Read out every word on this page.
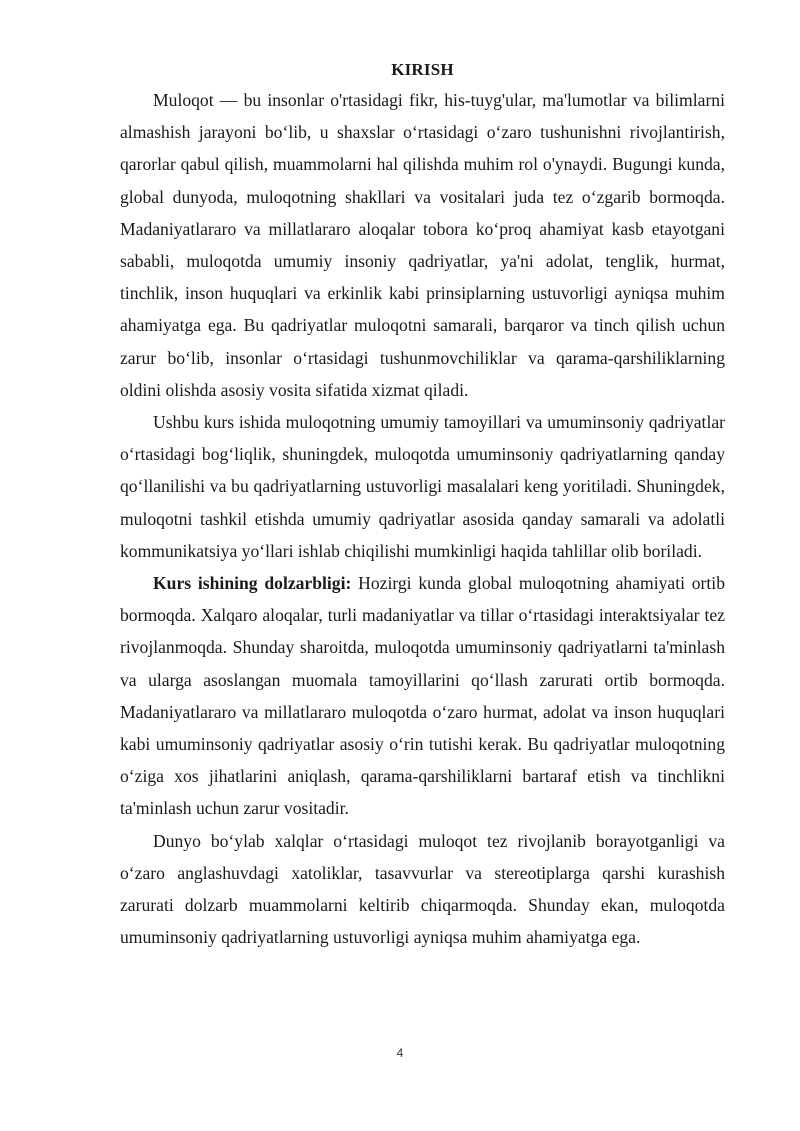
KIRISH

Muloqot — bu insonlar o'rtasidagi fikr, his-tuyg'ular, ma'lumotlar va bilimlarni almashish jarayoni bo‘lib, u shaxslar o‘rtasidagi o‘zaro tushunishni rivojlantirish, qarorlar qabul qilish, muammolarni hal qilishda muhim rol o'ynaydi. Bugungi kunda, global dunyoda, muloqotning shakllari va vositalari juda tez o‘zgarib bormoqda. Madaniyatlararo va millatlararo aloqalar tobora ko‘proq ahamiyat kasb etayotgani sababli, muloqotda umumiy insoniy qadriyatlar, ya'ni adolat, tenglik, hurmat, tinchlik, inson huquqlari va erkinlik kabi prinsiplarning ustuvorligi ayniqsa muhim ahamiyatga ega. Bu qadriyatlar muloqotni samarali, barqaror va tinch qilish uchun zarur bo‘lib, insonlar o‘rtasidagi tushunmovchiliklar va qarama-qarshiliklarning oldini olishda asosiy vosita sifatida xizmat qiladi.

Ushbu kurs ishida muloqotning umumiy tamoyillari va umuminsoniy qadriyatlar o‘rtasidagi bog‘liqlik, shuningdek, muloqotda umuminsoniy qadriyatlarning qanday qo‘llanilishi va bu qadriyatlarning ustuvorligi masalalari keng yoritiladi. Shuningdek, muloqotni tashkil etishda umumiy qadriyatlar asosida qanday samarali va adolatli kommunikatsiya yo‘llari ishlab chiqilishi mumkinligi haqida tahlillar olib boriladi.

Kurs ishining dolzarbligi: Hozirgi kunda global muloqotning ahamiyati ortib bormoqda. Xalqaro aloqalar, turli madaniyatlar va tillar o‘rtasidagi interaktsiyalar tez rivojlanmoqda. Shunday sharoitda, muloqotda umuminsoniy qadriyatlarni ta'minlash va ularga asoslangan muomala tamoyillarini qo‘llash zarurati ortib bormoqda. Madaniyatlararo va millatlararo muloqotda o‘zaro hurmat, adolat va inson huquqlari kabi umuminsoniy qadriyatlar asosiy o‘rin tutishi kerak. Bu qadriyatlar muloqotning o‘ziga xos jihatlarini aniqlash, qarama-qarshiliklarni bartaraf etish va tinchlikni ta'minlash uchun zarur vositadir.

Dunyo bo‘ylab xalqlar o‘rtasidagi muloqot tez rivojlanib borayotganligi va o‘zaro anglashuvdagi xatoliklar, tasavvurlar va stereotiplarga qarshi kurashish zarurati dolzarb muammolarni keltirib chiqarmoqda. Shunday ekan, muloqotda umuminsoniy qadriyatlarning ustuvorligi ayniqsa muhim ahamiyatga ega.

4
